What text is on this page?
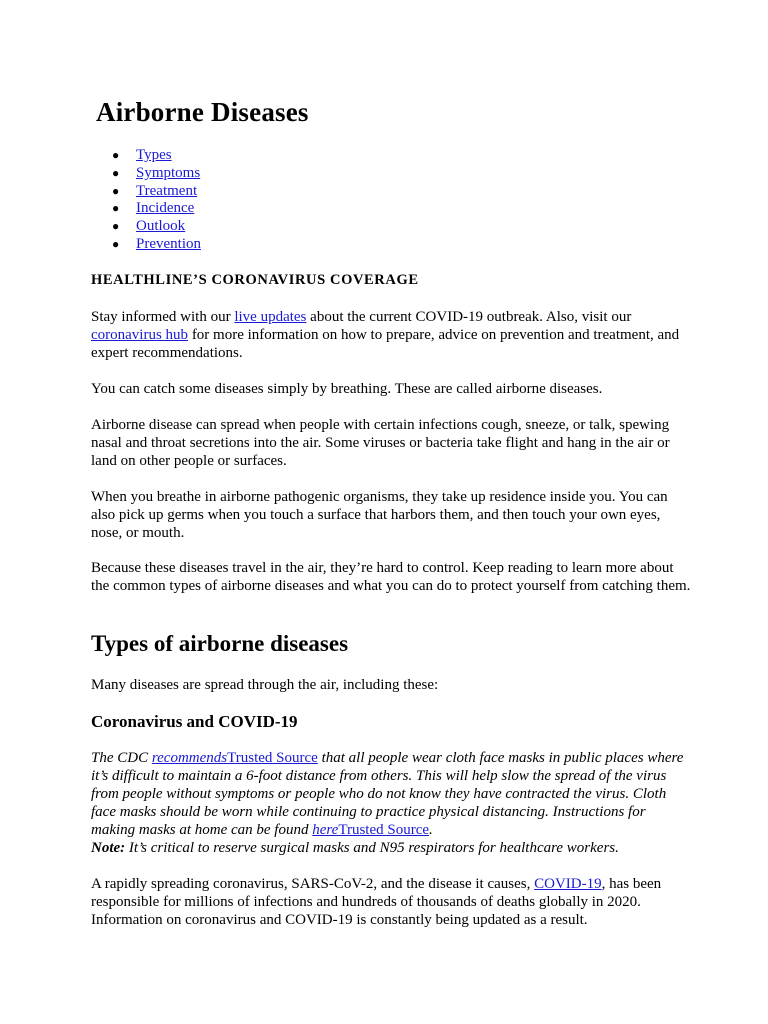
Airborne Diseases
● Types
● Symptoms
● Treatment
● Incidence
● Outlook
● Prevention
HEALTHLINE’S CORONAVIRUS COVERAGE

Stay informed with our live updates about the current COVID-19 outbreak. Also, visit our coronavirus hub for more information on how to prepare, advice on prevention and treatment, and expert recommendations.

You can catch some diseases simply by breathing. These are called airborne diseases.

Airborne disease can spread when people with certain infections cough, sneeze, or talk, spewing nasal and throat secretions into the air. Some viruses or bacteria take flight and hang in the air or land on other people or surfaces.

When you breathe in airborne pathogenic organisms, they take up residence inside you. You can also pick up germs when you touch a surface that harbors them, and then touch your own eyes, nose, or mouth.

Because these diseases travel in the air, they’re hard to control. Keep reading to learn more about the common types of airborne diseases and what you can do to protect yourself from catching them.

Types of airborne diseases

Many diseases are spread through the air, including these:

Coronavirus and COVID-19

The CDC recommendsTrusted Source that all people wear cloth face masks in public places where it’s difficult to maintain a 6-foot distance from others. This will help slow the spread of the virus from people without symptoms or people who do not know they have contracted the virus. Cloth face masks should be worn while continuing to practice physical distancing. Instructions for making masks at home can be found hereTrusted Source.
Note: It’s critical to reserve surgical masks and N95 respirators for healthcare workers.

A rapidly spreading coronavirus, SARS-CoV-2, and the disease it causes, COVID-19, has been responsible for millions of infections and hundreds of thousands of deaths globally in 2020. Information on coronavirus and COVID-19 is constantly being updated as a result.
